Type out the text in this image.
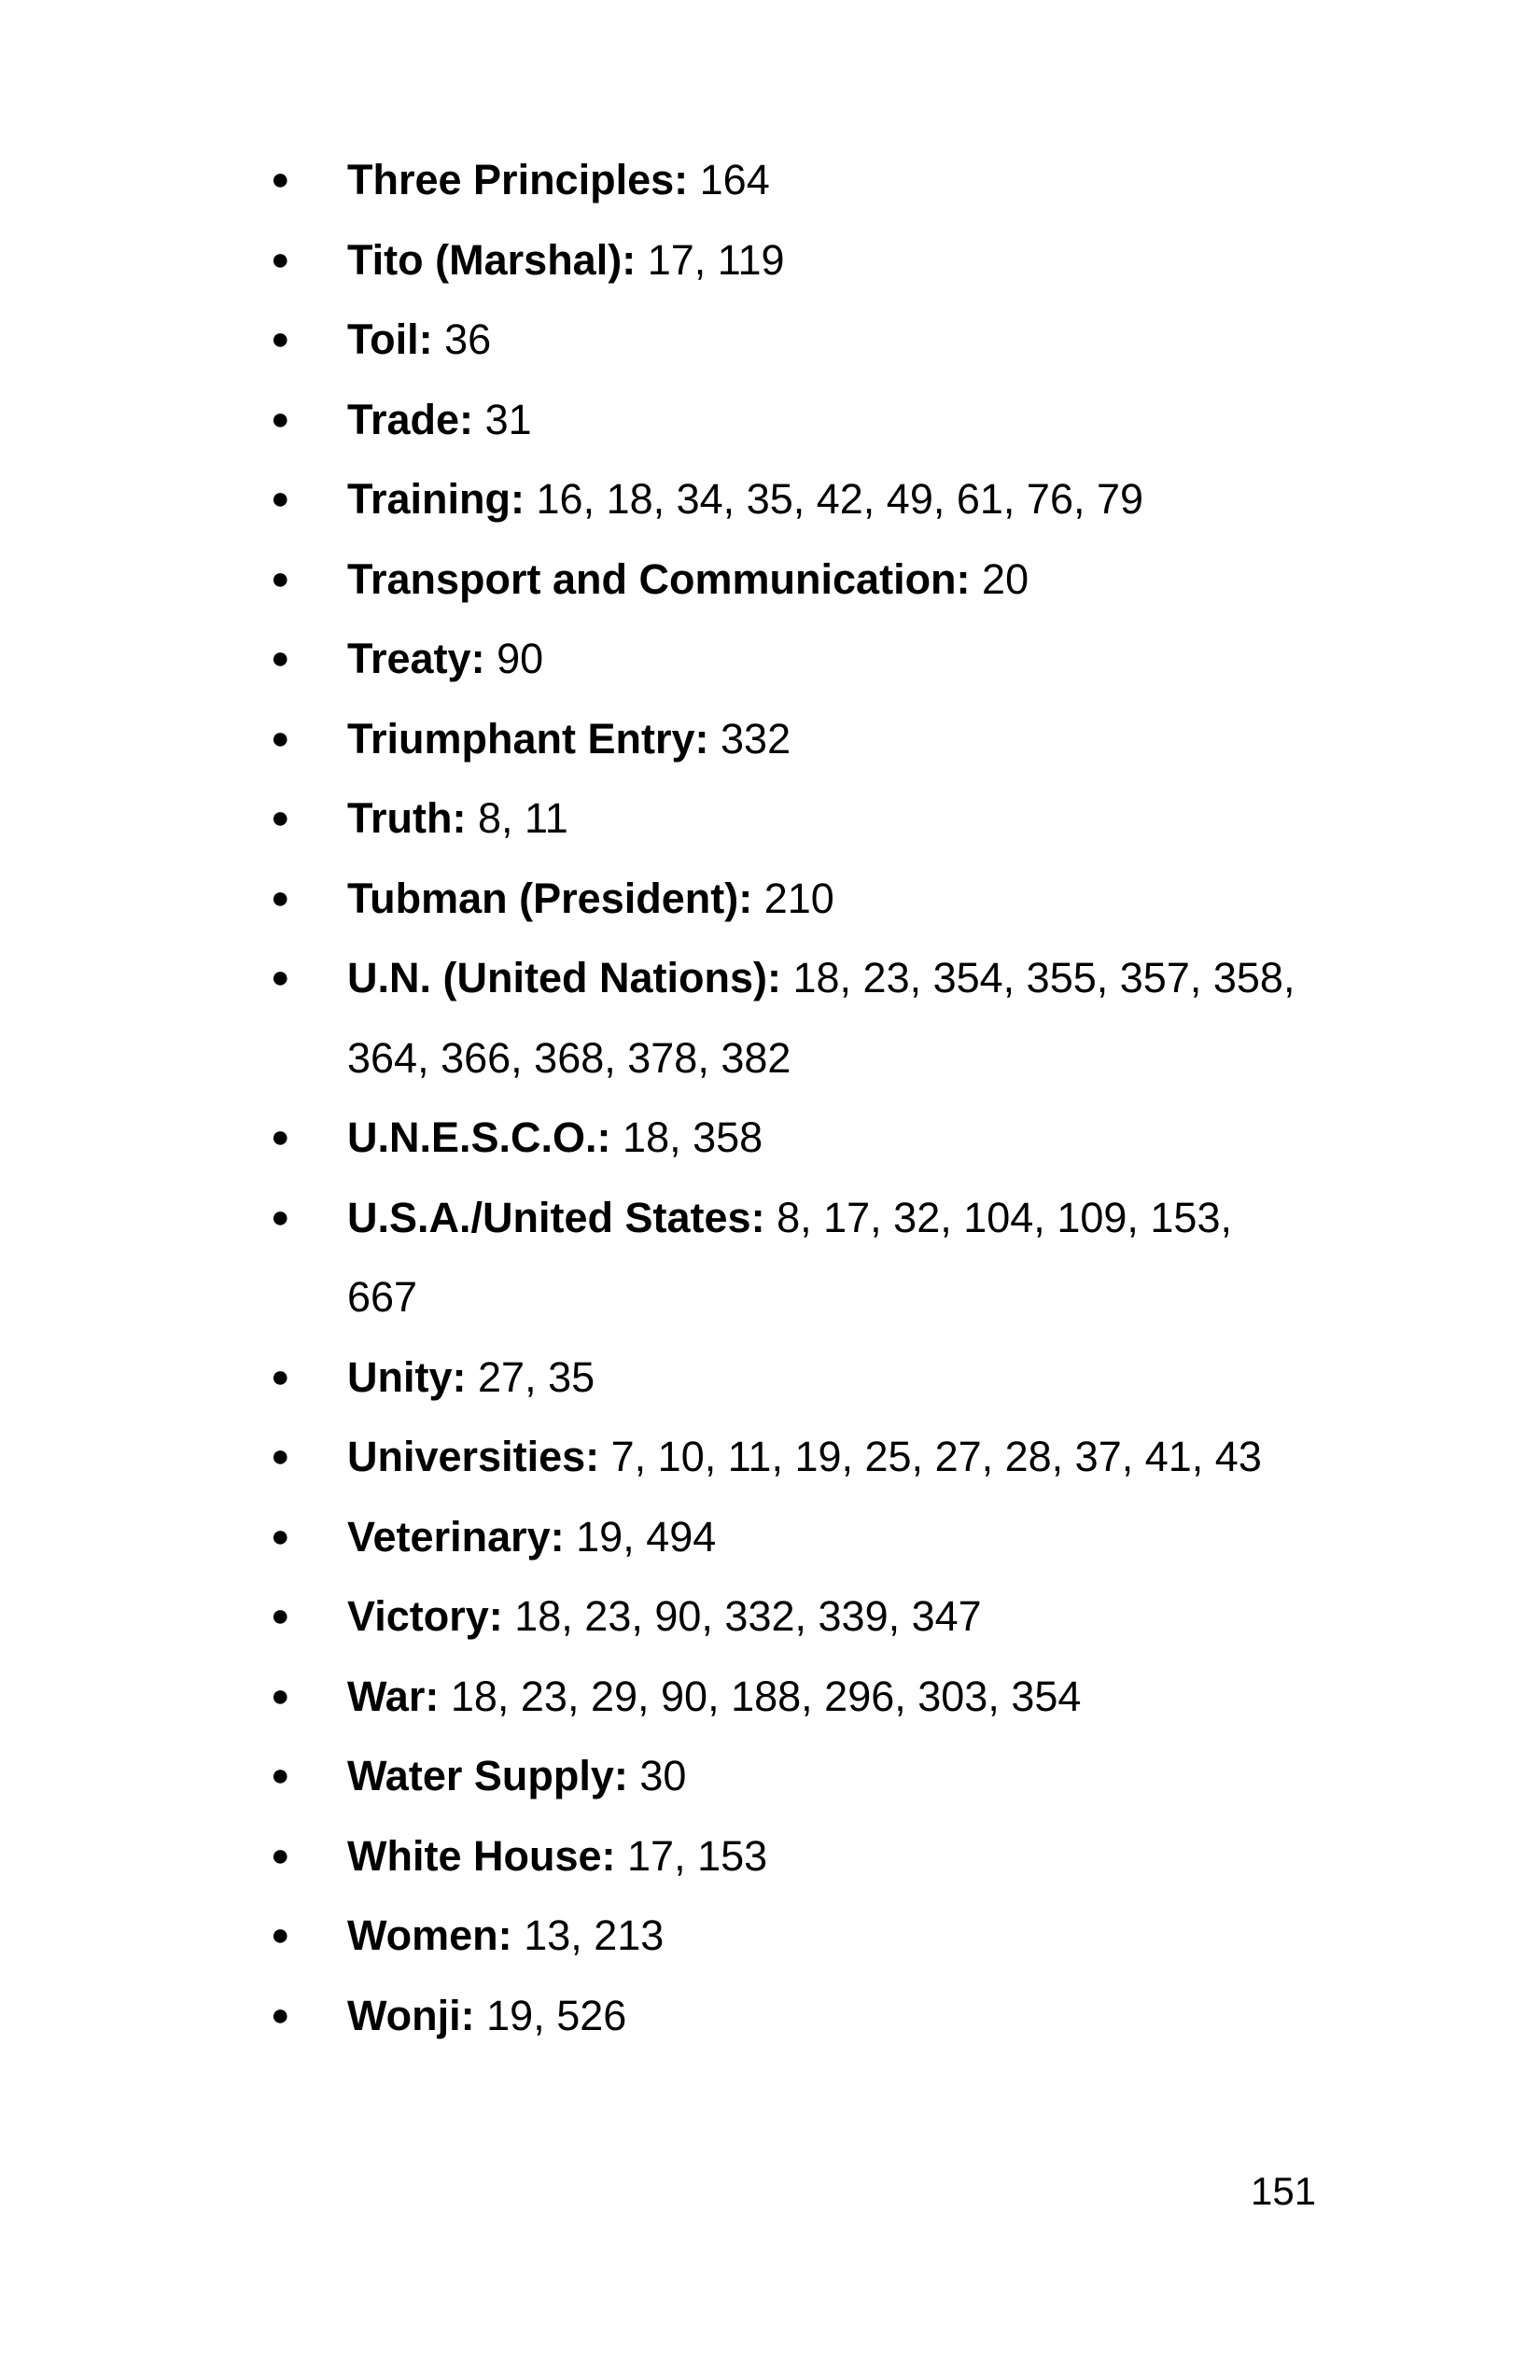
● Three Principles: 164
● Tito (Marshal): 17, 119
● Toil: 36
● Trade: 31
● Training: 16, 18, 34, 35, 42, 49, 61, 76, 79
● Transport and Communication: 20
● Treaty: 90
● Triumphant Entry: 332
● Truth: 8, 11
● Tubman (President): 210
● U.N. (United Nations): 18, 23, 354, 355, 357, 358, 364, 366, 368, 378, 382
● U.N.E.S.C.O.: 18, 358
● U.S.A./United States: 8, 17, 32, 104, 109, 153, 667
● Unity: 27, 35
● Universities: 7, 10, 11, 19, 25, 27, 28, 37, 41, 43
● Veterinary: 19, 494
● Victory: 18, 23, 90, 332, 339, 347
● War: 18, 23, 29, 90, 188, 296, 303, 354
● Water Supply: 30
● White House: 17, 153
● Women: 13, 213
● Wonji: 19, 526
151
